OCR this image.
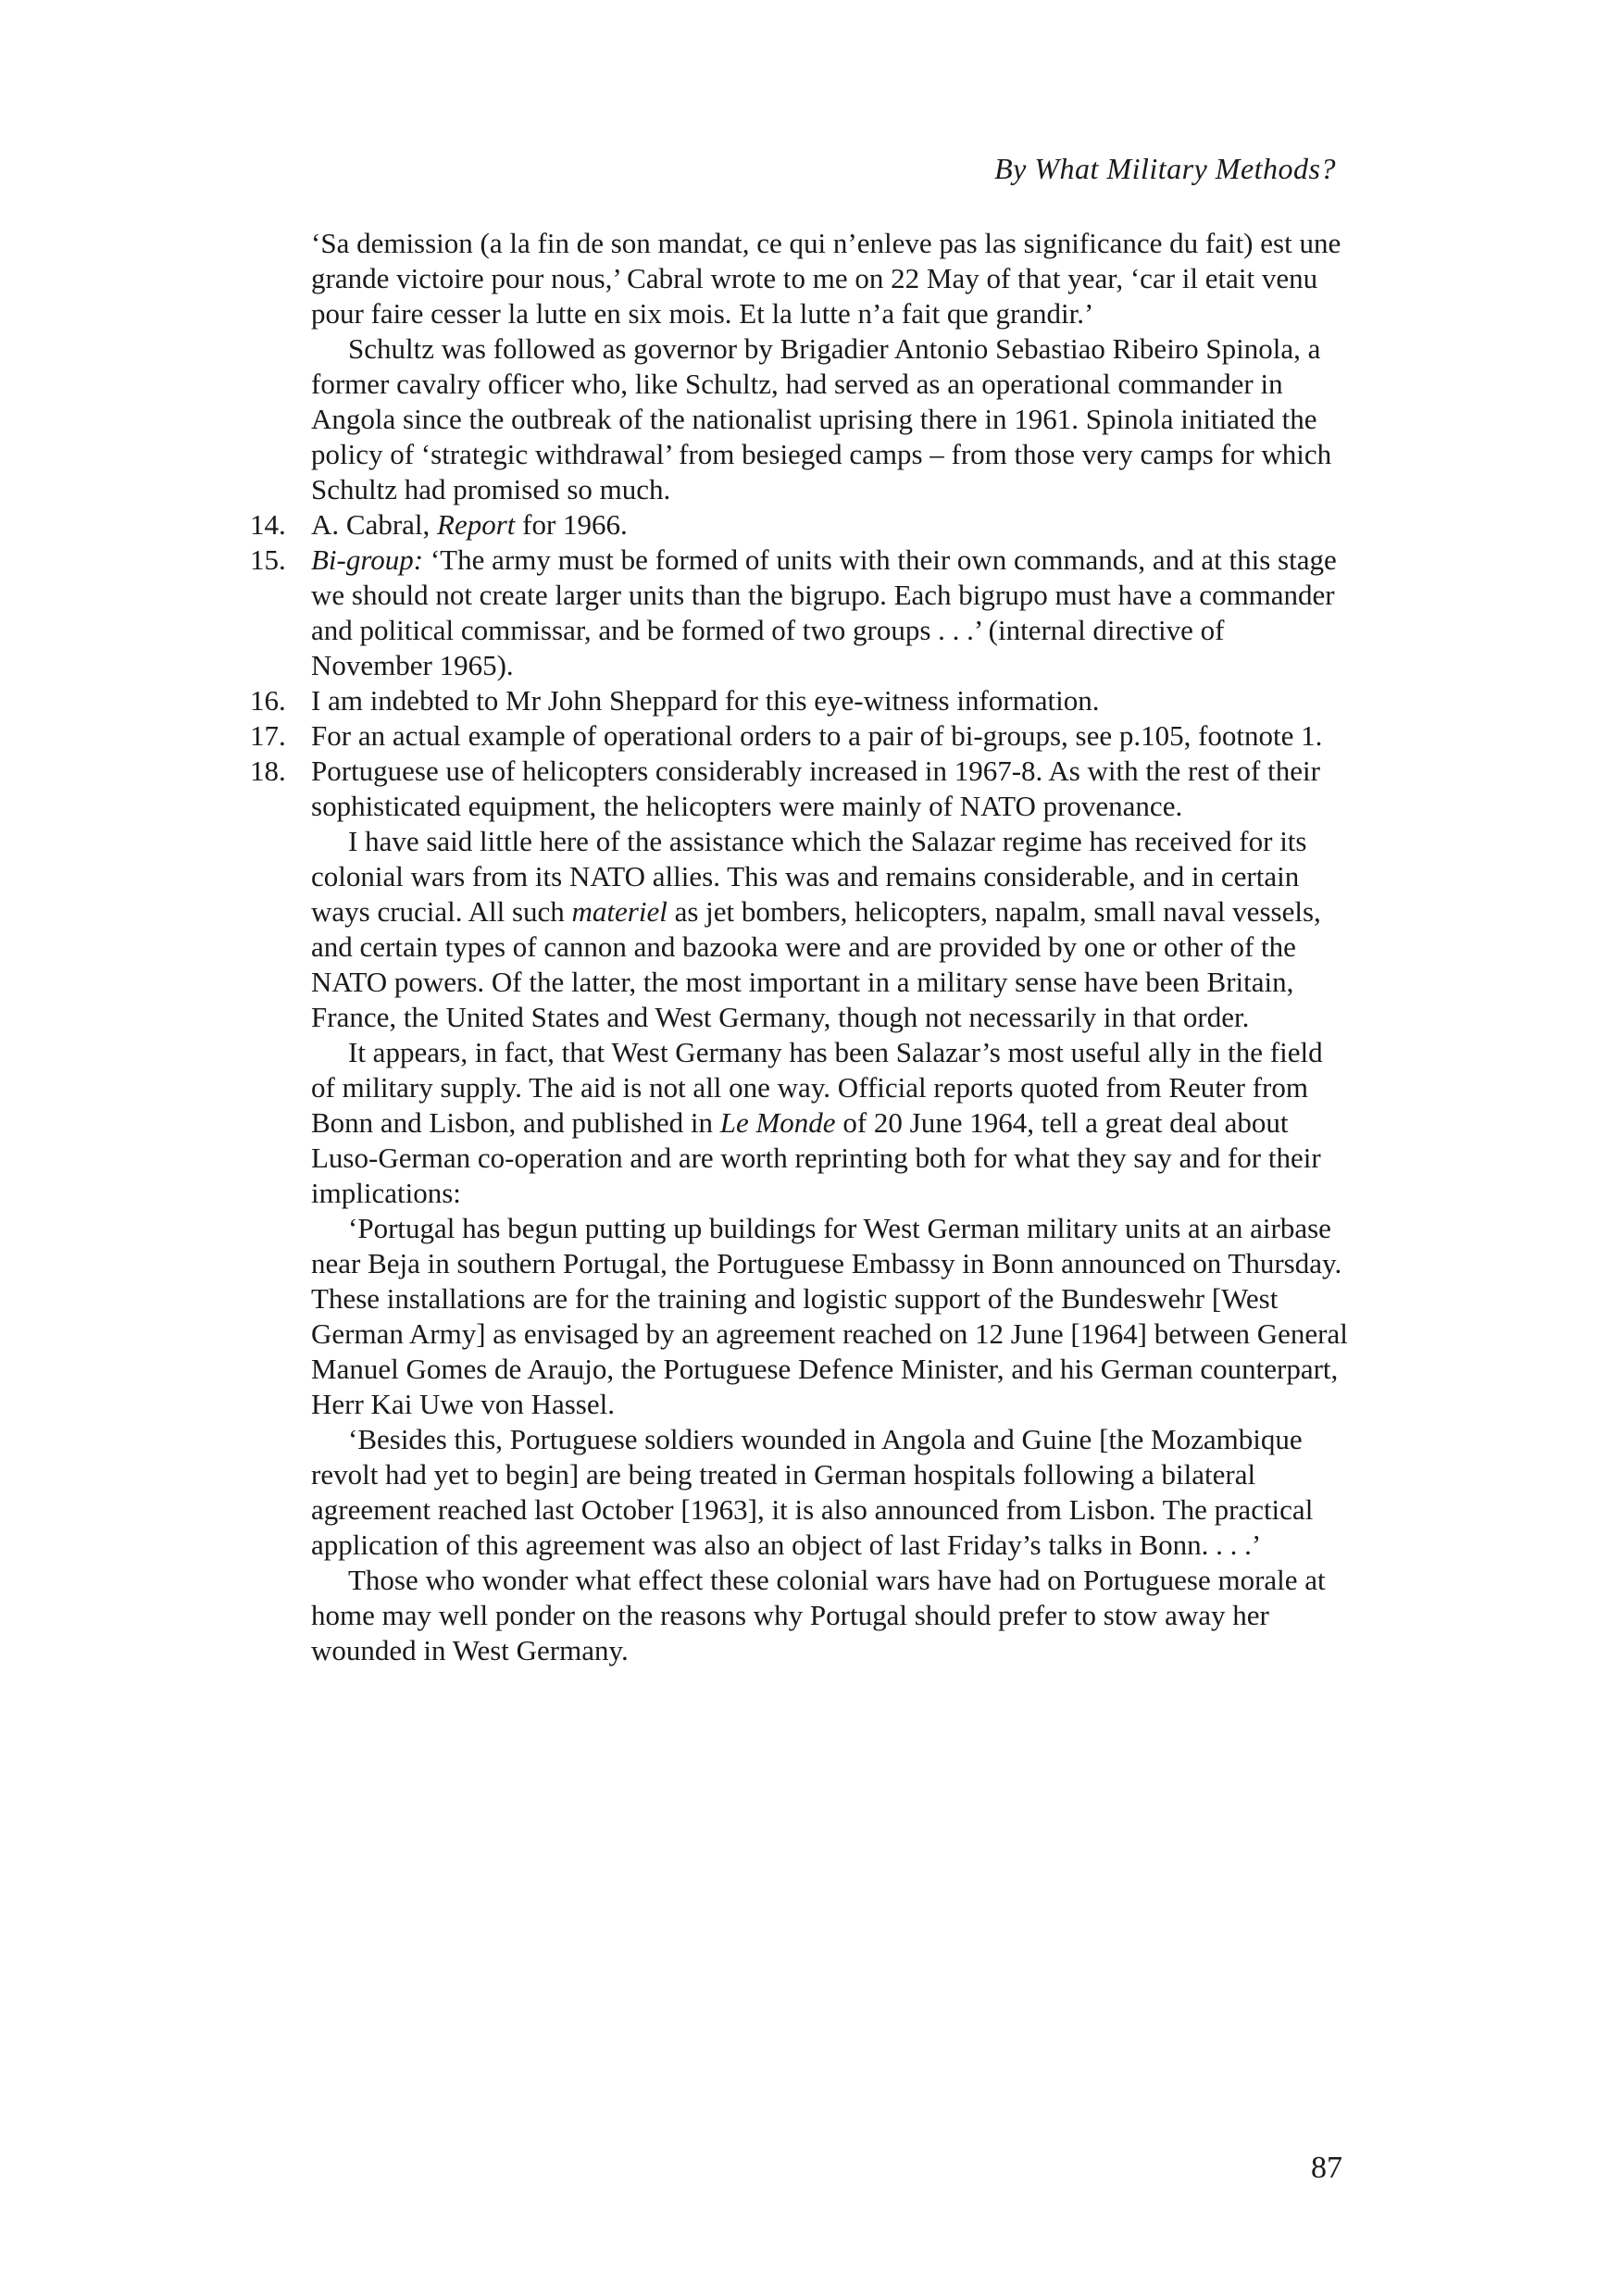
By What Military Methods?

‘Sa demission (a la fin de son mandat, ce qui n’enleve pas las significance du fait) est une grande victoire pour nous,’ Cabral wrote to me on 22 May of that year, ‘car il etait venu pour faire cesser la lutte en six mois. Et la lutte n’a fait que grandir.’

Schultz was followed as governor by Brigadier Antonio Sebastiao Ribeiro Spinola, a former cavalry officer who, like Schultz, had served as an operational commander in Angola since the outbreak of the nationalist uprising there in 1961. Spinola initiated the policy of ‘strategic withdrawal’ from besieged camps – from those very camps for which Schultz had promised so much.

14. A. Cabral, Report for 1966.
15. Bi-group: ‘The army must be formed of units with their own commands, and at this stage we should not create larger units than the bigrupo. Each bigrupo must have a commander and political commissar, and be formed of two groups . . .’ (internal directive of November 1965).
16. I am indebted to Mr John Sheppard for this eye-witness information.
17. For an actual example of operational orders to a pair of bi-groups, see p.105, footnote 1.
18. Portuguese use of helicopters considerably increased in 1967-8. As with the rest of their sophisticated equipment, the helicopters were mainly of NATO provenance.

I have said little here of the assistance which the Salazar regime has received for its colonial wars from its NATO allies. This was and remains considerable, and in certain ways crucial. All such materiel as jet bombers, helicopters, napalm, small naval vessels, and certain types of cannon and bazooka were and are provided by one or other of the NATO powers. Of the latter, the most important in a military sense have been Britain, France, the United States and West Germany, though not necessarily in that order.

It appears, in fact, that West Germany has been Salazar’s most useful ally in the field of military supply. The aid is not all one way. Official reports quoted from Reuter from Bonn and Lisbon, and published in Le Monde of 20 June 1964, tell a great deal about Luso-German co-operation and are worth reprinting both for what they say and for their implications:

‘Portugal has begun putting up buildings for West German military units at an airbase near Beja in southern Portugal, the Portuguese Embassy in Bonn announced on Thursday. These installations are for the training and logistic support of the Bundeswehr [West German Army] as envisaged by an agreement reached on 12 June [1964] between General Manuel Gomes de Araujo, the Portuguese Defence Minister, and his German counterpart, Herr Kai Uwe von Hassel.

‘Besides this, Portuguese soldiers wounded in Angola and Guine [the Mozambique revolt had yet to begin] are being treated in German hospitals following a bilateral agreement reached last October [1963], it is also announced from Lisbon. The practical application of this agreement was also an object of last Friday’s talks in Bonn. . . .’

Those who wonder what effect these colonial wars have had on Portuguese morale at home may well ponder on the reasons why Portugal should prefer to stow away her wounded in West Germany.

87
